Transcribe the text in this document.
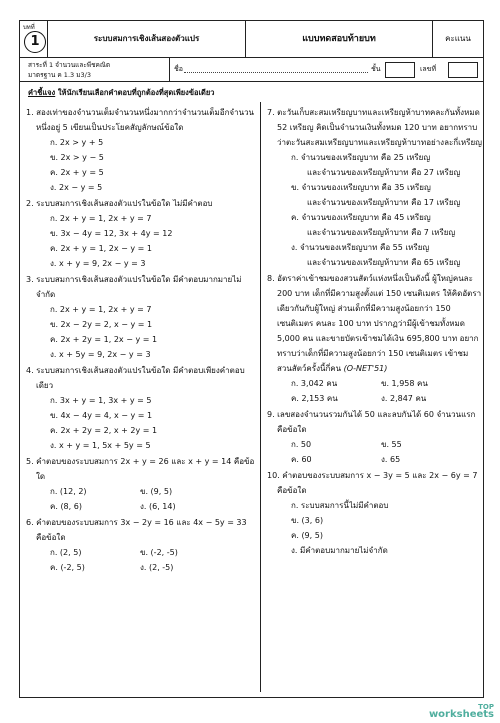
บทที่
1	ระบบสมการเชิงเส้นสองตัวแปร	แบบทดสอบท้ายบท	คะแนน
สาระที่ 1 จำนวนและพีชคณิต
มาตรฐาน ค 1.3 ม3/3
ชื่อ	ชั้น	เลขที่
คำชี้แจง ให้นักเรียนเลือกคำตอบที่ถูกต้องที่สุดเพียงข้อเดียว
1. สองเท่าของจำนวนเต็มจำนวนหนึ่งมากกว่าจำนวนเต็มอีกจำนวนหนึ่งอยู่ 5 เขียนเป็นประโยคสัญลักษณ์ข้อใด
ก. 2x > y + 5
ข. 2x > y − 5
ค. 2x + y = 5
ง. 2x − y = 5
2. ระบบสมการเชิงเส้นสองตัวแปรในข้อใด ไม่มีคำตอบ
ก. 2x + y = 1, 2x + y = 7
ข. 3x − 4y = 12, 3x + 4y = 12
ค. 2x + y = 1, 2x − y = 1
ง. x + y = 9, 2x − y = 3
3. ระบบสมการเชิงเส้นสองตัวแปรในข้อใด มีคำตอบมากมายไม่จำกัด
ก. 2x + y = 1, 2x + y = 7
ข. 2x − 2y = 2, x − y = 1
ค. 2x + 2y = 1, 2x − y = 1
ง. x + 5y = 9, 2x − y = 3
4. ระบบสมการเชิงเส้นสองตัวแปรในข้อใด มีคำตอบเพียงคำตอบเดียว
ก. 3x + y = 1, 3x + y = 5
ข. 4x − 4y = 4, x − y = 1
ค. 2x + 2y = 2, x + 2y = 1
ง. x + y = 1, 5x + 5y = 5
5. คำตอบของระบบสมการ 2x + y = 26 และ x + y = 14 คือข้อใด
ก. (12, 2)	ข. (9, 5)
ค. (8, 6)	ง. (6, 14)
6. คำตอบของระบบสมการ 3x − 2y = 16 และ 4x − 5y = 33 คือข้อใด
ก. (2, 5)	ข. (-2, -5)
ค. (-2, 5)	ง. (2, -5)
7. ตะวันเก็บสะสมเหรียญบาทและเหรียญห้าบาทคละกันทั้งหมด 52 เหรียญ คิดเป็นจำนวนเงินทั้งหมด 120 บาท อยากทราบว่าตะวันสะสมเหรียญบาทและเหรียญห้าบาทอย่างละกี่เหรียญ
ก. จำนวนของเหรียญบาท คือ 25 เหรียญ
และจำนวนของเหรียญห้าบาท คือ 27 เหรียญ
ข. จำนวนของเหรียญบาท คือ 35 เหรียญ
และจำนวนของเหรียญห้าบาท คือ 17 เหรียญ
ค. จำนวนของเหรียญบาท คือ 45 เหรียญ
และจำนวนของเหรียญห้าบาท คือ 7 เหรียญ
ง. จำนวนของเหรียญบาท คือ 55 เหรียญ
และจำนวนของเหรียญห้าบาท คือ 65 เหรียญ
8. อัตราค่าเข้าชมของสวนสัตว์แห่งหนึ่งเป็นดังนี้ ผู้ใหญ่คนละ 200 บาท เด็กที่มีความสูงตั้งแต่ 150 เซนติเมตร ให้คิดอัตราเดียวกันกับผู้ใหญ่ ส่วนเด็กที่มีความสูงน้อยกว่า 150 เซนติเมตร คนละ 100 บาท ปรากฏว่ามีผู้เข้าชมทั้งหมด 5,000 คน และขายบัตรเข้าชมได้เงิน 695,800 บาท อยากทราบว่าเด็กที่มีความสูงน้อยกว่า 150 เซนติเมตร เข้าชมสวนสัตว์ครั้งนี้กี่คน (O-NET'51)
ก. 3,042 คน	ข. 1,958 คน
ค. 2,153 คน	ง. 2,847 คน
9. เลขสองจำนวนรวมกันได้ 50 และลบกันได้ 60 จำนวนแรกคือข้อใด
ก. 50	ข. 55
ค. 60	ง. 65
10. คำตอบของระบบสมการ x − 3y = 5 และ 2x − 6y = 7 คือข้อใด
ก. ระบบสมการนี้ไม่มีคำตอบ
ข. (3, 6)
ค. (9, 5)
ง. มีคำตอบมากมายไม่จำกัด
TOP
worksheets
